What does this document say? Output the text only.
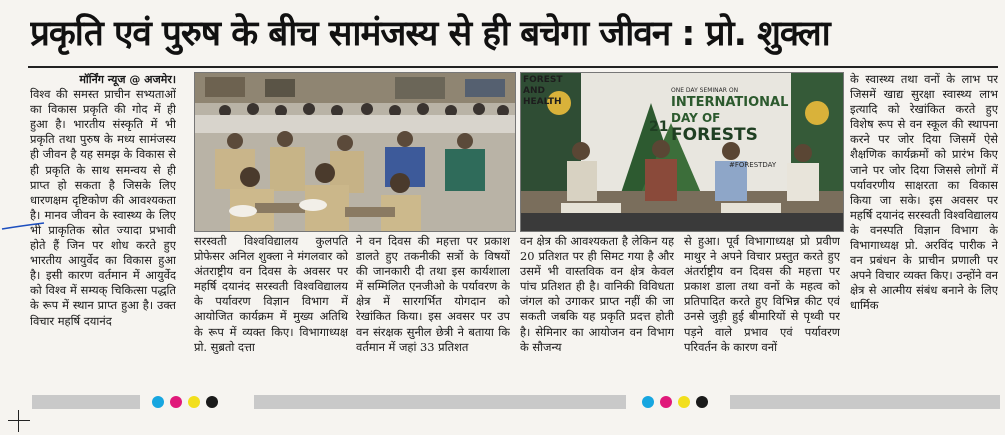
प्रकृति एवं पुरुष के बीच सामंजस्य से ही बचेगा जीवन : प्रो. शुक्ला
मॉर्निंग न्यूज @ अजमेर।

विश्व की समस्त प्राचीन सभ्यताओं का विकास प्रकृति की गोद में ही हुआ है। भारतीय संस्कृति में भी प्रकृति तथा पुरुष के मध्य सामंजस्य ही जीवन है यह समझ के विकास से ही प्रकृति के साथ समन्वय से ही प्राप्त हो सकता है जिसके लिए धारणक्षम दृष्टिकोण की आवश्यकता है। मानव जीवन के स्वास्थ्य के लिए भी प्राकृतिक स्रोत ज्यादा प्रभावी होते हैं जिन पर शोध करते हुए भारतीय आयुर्वेद का विकास हुआ है। इसी कारण वर्तमान में आयुर्वेद को विश्व में सम्यक् चिकित्सा पद्धति के रूप में स्थान प्राप्त हुआ है। उक्त विचार महर्षि दयानंद

FOREST AND HEALTH
ONE DAY SEMINAR ON
INTERNATIONAL
DAY OF
FORESTS
21
#FORESTDAY

सरस्वती विश्वविद्यालय कुलपति प्रोफेसर अनिल शुक्ला ने मंगलवार को अंतराष्ट्रीय वन दिवस के अवसर पर महर्षि दयानंद सरस्वती विश्वविद्यालय के पर्यावरण विज्ञान विभाग में आयोजित कार्यक्रम में मुख्य अतिथि के रूप में व्यक्त किए। विभागाध्यक्ष प्रो. सुब्रतो दत्ता

ने वन दिवस की महत्ता पर प्रकाश डालते हुए तकनीकी सत्रों के विषयों की जानकारी दी तथा इस कार्यशाला में सम्मिलित एनजीओ के पर्यावरण के क्षेत्र में सारगर्भित योगदान को रेखांकित किया। इस अवसर पर उप वन संरक्षक सुनील छेत्री ने बताया कि वर्तमान में जहां 33 प्रतिशत

वन क्षेत्र की आवश्यकता है लेकिन यह 20 प्रतिशत पर ही सिमट गया है और उसमें भी वास्तविक वन क्षेत्र केवल पांच प्रतिशत ही है। वानिकी विविधता जंगल को उगाकर प्राप्त नहीं की जा सकती जबकि यह प्रकृति प्रदत्त होती है। सेमिनार का आयोजन वन विभाग के सौजन्य

से हुआ। पूर्व विभागाध्यक्ष प्रो प्रवीण माथुर ने अपने विचार प्रस्तुत करते हुए अंतर्राष्ट्रीय वन दिवस की महत्ता पर प्रकाश डाला तथा वनों के महत्व को प्रतिपादित करते हुए विभिन्न कीट एवं उनसे जुड़ी हुई बीमारियों से पृथ्वी पर पड़ने वाले प्रभाव एवं पर्यावरण परिवर्तन के कारण वनों

के स्वास्थ्य तथा वनों के लाभ पर जिसमें खाद्य सुरक्षा स्वास्थ्य लाभ इत्यादि को रेखांकित करते हुए विशेष रूप से वन स्कूल की स्थापना करने पर जोर दिया जिसमें ऐसे शैक्षणिक कार्यक्रमों को प्रारंभ किए जाने पर जोर दिया जिससे लोगों में पर्यावरणीय साक्षरता का विकास किया जा सके। इस अवसर पर महर्षि दयानंद सरस्वती विश्वविद्यालय के वनस्पति विज्ञान विभाग के विभागाध्यक्ष प्रो. अरविंद पारीक ने वन प्रबंधन के प्राचीन प्रणाली पर अपने विचार व्यक्त किए। उन्होंने वन क्षेत्र से आत्मीय संबंध बनाने के लिए धार्मिक
